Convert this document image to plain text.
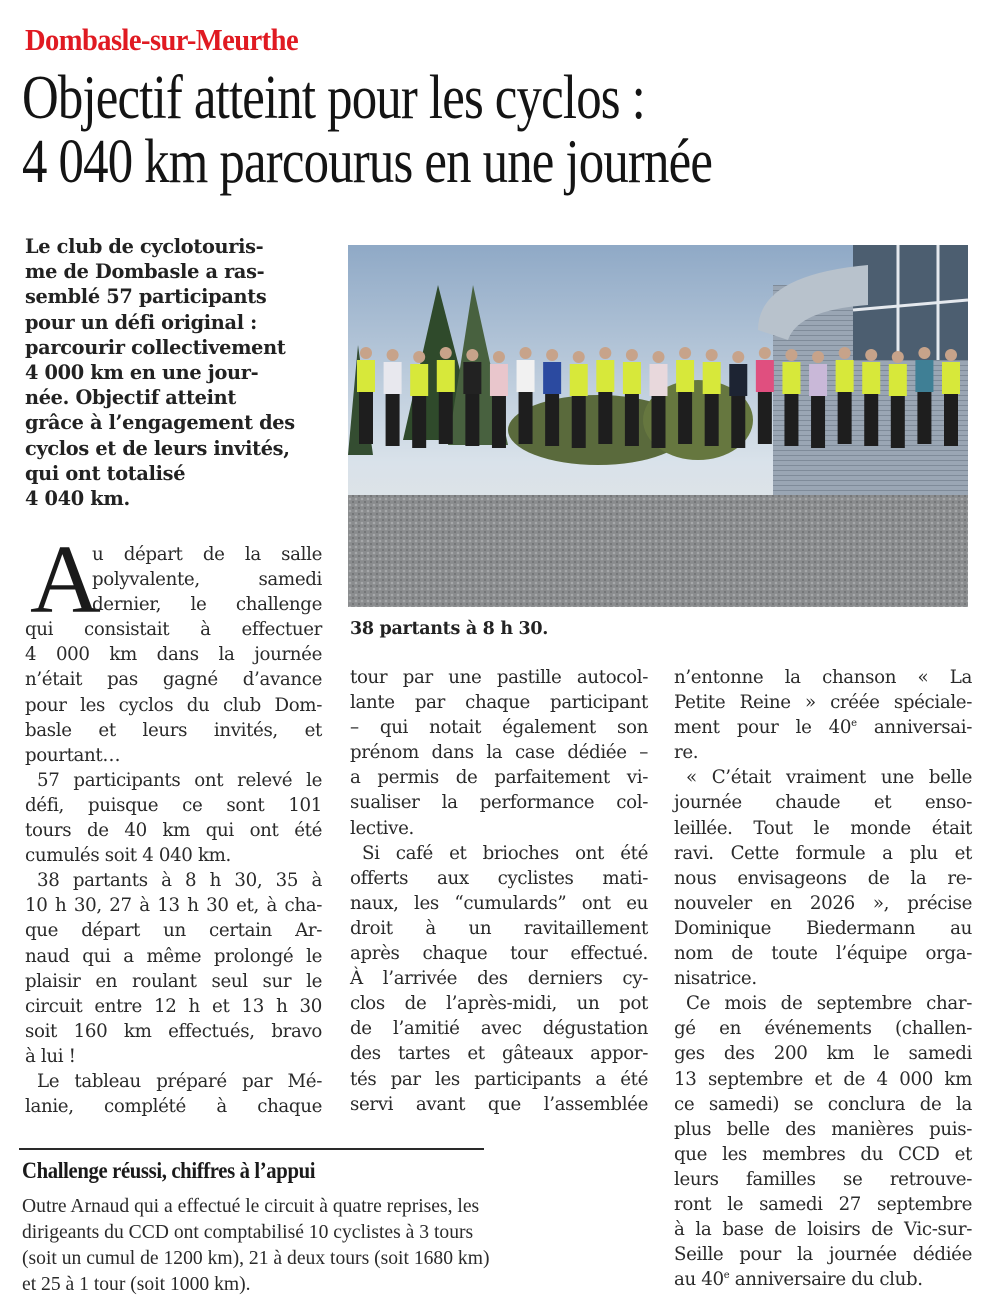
Dombasle-sur-Meurthe
Objectif atteint pour les cyclos :
4 040 km parcourus en une journée
Le club de cyclotouris-
me de Dombasle a ras-
semblé 57 participants
pour un défi original :
parcourir collectivement
4 000 km en une jour-
née. Objectif atteint
grâce à l’engagement des
cyclos et de leurs invités,
qui ont totalisé
4 040 km.
38 partants à 8 h 30.
A
u départ de la salle
polyvalente, samedi
dernier, le challenge
qui consistait à effectuer
4 000 km dans la journée
n’était pas gagné d’avance
pour les cyclos du club Dom-
basle et leurs invités, et
pourtant…
57 participants ont relevé le
défi, puisque ce sont 101
tours de 40 km qui ont été
cumulés soit 4 040 km.
38 partants à 8 h 30, 35 à
10 h 30, 27 à 13 h 30 et, à cha-
que départ un certain Ar-
naud qui a même prolongé le
plaisir en roulant seul sur le
circuit entre 12 h et 13 h 30
soit 160 km effectués, bravo
à lui !
Le tableau préparé par Mé-
lanie, complété à chaque
tour par une pastille autocol-
lante par chaque participant
– qui notait également son
prénom dans la case dédiée –
a permis de parfaitement vi-
sualiser la performance col-
lective.
Si café et brioches ont été
offerts aux cyclistes mati-
naux, les “cumulards” ont eu
droit à un ravitaillement
après chaque tour effectué.
À l’arrivée des derniers cy-
clos de l’après-midi, un pot
de l’amitié avec dégustation
des tartes et gâteaux appor-
tés par les participants a été
servi avant que l’assemblée
n’entonne la chanson « La
Petite Reine » créée spéciale-
ment pour le 40e anniversai-
re.
« C’était vraiment une belle
journée chaude et enso-
leillée. Tout le monde était
ravi. Cette formule a plu et
nous envisageons de la re-
nouveler en 2026 », précise
Dominique Biedermann au
nom de toute l’équipe orga-
nisatrice.
Ce mois de septembre char-
gé en événements (challen-
ges des 200 km le samedi
13 septembre et de 4 000 km
ce samedi) se conclura de la
plus belle des manières puis-
que les membres du CCD et
leurs familles se retrouve-
ront le samedi 27 septembre
à la base de loisirs de Vic-sur-
Seille pour la journée dédiée
au 40e anniversaire du club.
Challenge réussi, chiffres à l’appui
Outre Arnaud qui a effectué le circuit à quatre reprises, les
dirigeants du CCD ont comptabilisé 10 cyclistes à 3 tours
(soit un cumul de 1200 km), 21 à deux tours (soit 1680 km)
et 25 à 1 tour (soit 1000 km).
